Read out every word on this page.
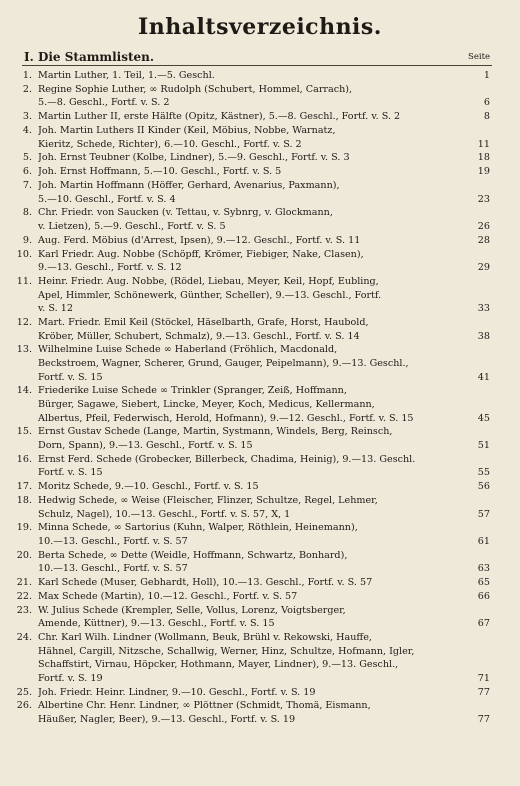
Inhaltsverzeichnis.
I. Die Stammlisten.	Seite
1. Martin Luther, 1. Teil, 1.—5. Geschl.	1
2. Regine Sophie Luther, ∞ Rudolph (Schubert, Hommel, Carrach),
5.—8. Geschl., Fortf. v. S. 2	6
3. Martin Luther II, erste Hälfte (Opitz, Kästner), 5.—8. Geschl., Fortf. v. S. 2	8
4. Joh. Martin Luthers II Kinder (Keil, Möbius, Nobbe, Warnatz,
Kieritz, Schede, Richter), 6.—10. Geschl., Fortf. v. S. 2	11
5. Joh. Ernst Teubner (Kolbe, Lindner), 5.—9. Geschl., Fortf. v. S. 3	18
6. Joh. Ernst Hoffmann, 5.—10. Geschl., Fortf. v. S. 5	19
7. Joh. Martin Hoffmann (Höffer, Gerhard, Avenarius, Paxmann),
5.—10. Geschl., Fortf. v. S. 4	23
8. Chr. Friedr. von Saucken (v. Tettau, v. Sybnrg, v. Glockmann,
v. Lietzen), 5.—9. Geschl., Fortf. v. S. 5	26
9. Aug. Ferd. Möbius (d'Arrest, Ipsen), 9.—12. Geschl., Fortf. v. S. 11	28
10. Karl Friedr. Aug. Nobbe (Schöpff, Krömer, Fiebiger, Nake, Clasen),
9.—13. Geschl., Fortf. v. S. 12	29
11. Heinr. Friedr. Aug. Nobbe, (Rödel, Liebau, Meyer, Keil, Hopf, Eubling,
Apel, Himmler, Schönewerk, Günther, Scheller), 9.—13. Geschl., Fortf.
v. S. 12	33
12. Mart. Friedr. Emil Keil (Stöckel, Häselbarth, Grafe, Horst, Haubold,
Kröber, Müller, Schubert, Schmalz), 9.—13. Geschl., Fortf. v. S. 14	38
13. Wilhelmine Luise Schede ∞ Haberland (Fröhlich, Macdonald,
Beckstroem, Wagner, Scherer, Grund, Gauger, Peipelmann), 9.—13. Geschl.,
Fortf. v. S. 15	41
14. Friederike Luise Schede ∞ Trinkler (Spranger, Zeiß, Hoffmann,
Bürger, Sagawe, Siebert, Lincke, Meyer, Koch, Medicus, Kellermann,
Albertus, Pfeil, Federwisch, Herold, Hofmann), 9.—12. Geschl., Fortf. v. S. 15	45
15. Ernst Gustav Schede (Lange, Martin, Systmann, Windels, Berg, Reinsch,
Dorn, Spann), 9.—13. Geschl., Fortf. v. S. 15	51
16. Ernst Ferd. Schede (Grobecker, Billerbeck, Chadima, Heinig), 9.—13. Geschl.
Fortf. v. S. 15	55
17. Moritz Schede, 9.—10. Geschl., Fortf. v. S. 15	56
18. Hedwig Schede, ∞ Weise (Fleischer, Flinzer, Schultze, Regel, Lehmer,
Schulz, Nagel), 10.—13. Geschl., Fortf. v. S. 57, X, 1	57
19. Minna Schede, ∞ Sartorius (Kuhn, Walper, Röthlein, Heinemann),
10.—13. Geschl., Fortf. v. S. 57	61
20. Berta Schede, ∞ Dette (Weidle, Hoffmann, Schwartz, Bonhard),
10.—13. Geschl., Fortf. v. S. 57	63
21. Karl Schede (Muser, Gebhardt, Holl), 10.—13. Geschl., Fortf. v. S. 57	65
22. Max Schede (Martin), 10.—12. Geschl., Fortf. v. S. 57	66
23. W. Julius Schede (Krempler, Selle, Vollus, Lorenz, Voigtsberger,
Amende, Küttner), 9.—13. Geschl., Fortf. v. S. 15	67
24. Chr. Karl Wilh. Lindner (Wollmann, Beuk, Brühl v. Rekowski, Hauffe,
Hähnel, Cargill, Nitzsche, Schallwig, Werner, Hinz, Schultze, Hofmann, Igler,
Schaffstirt, Virnau, Höpcker, Hothmann, Mayer, Lindner), 9.—13. Geschl.,
Fortf. v. S. 19	71
25. Joh. Friedr. Heinr. Lindner, 9.—10. Geschl., Fortf. v. S. 19	77
26. Albertine Chr. Henr. Lindner, ∞ Plöttner (Schmidt, Thomä, Eismann,
Häußer, Nagler, Beer), 9.—13. Geschl., Fortf. v. S. 19	77
